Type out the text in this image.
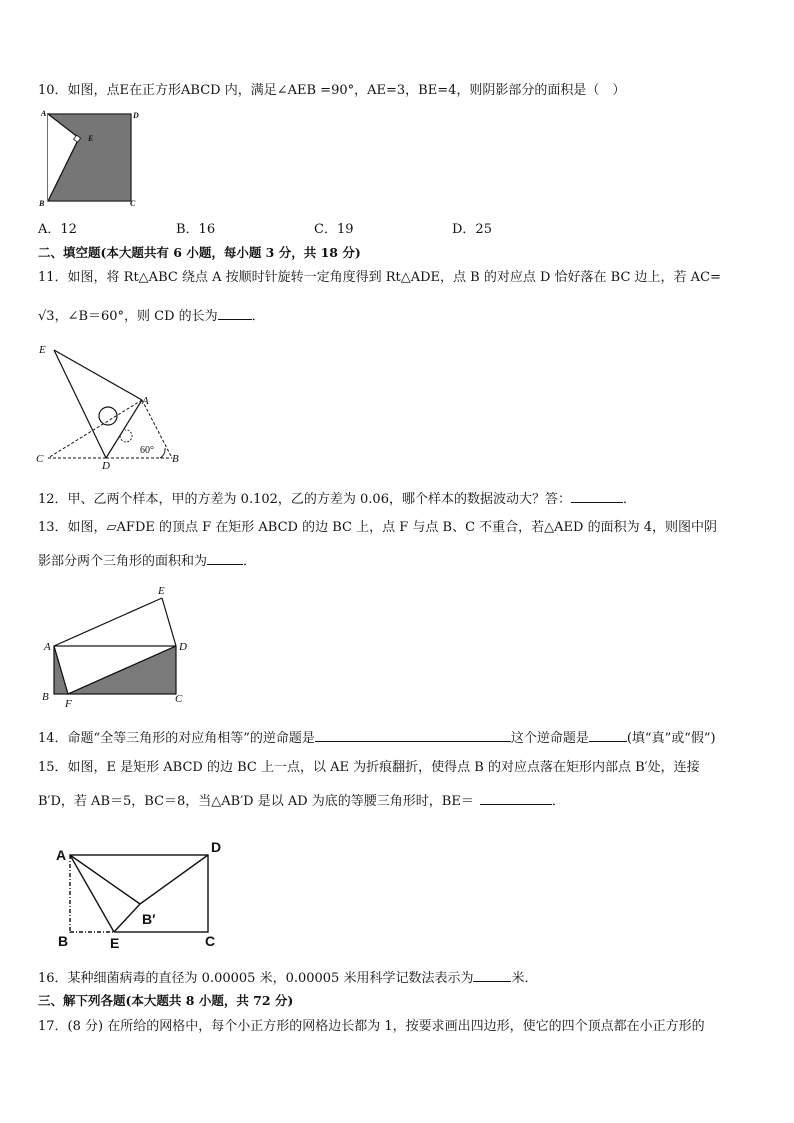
10．如图，点E在正方形ABCD 内，满足∠AEB =90°，AE=3，BE=4，则阴影部分的面积是（　）
A	D
E
B	C
A．12	B．16	C．19	D．25
二、填空题(本大题共有 6 小题，每小题 3 分，共 18 分)
11．如图，将 Rt△ABC 绕点 A 按顺时针旋转一定角度得到 Rt△ADE，点 B 的对应点 D 恰好落在 BC 边上，若 AC=
√3，∠B＝60°，则 CD 的长为	．
E
A
C
D
B
60°
12．甲、乙两个样本，甲的方差为 0.102，乙的方差为 0.06，哪个样本的数据波动大？答：	．
13．如图，▱AFDE 的顶点 F 在矩形 ABCD 的边 BC 上，点 F 与点 B、C 不重合，若△AED 的面积为 4，则图中阴
影部分两个三角形的面积和为	．
A
E
D
B
F	C
14．命题“全等三角形的对应角相等”的逆命题是	这个逆命题是	(填“真”或“假”)
15．如图，E 是矩形 ABCD 的边 BC 上一点，以 AE 为折痕翻折，使得点 B 的对应点落在矩形内部点 B′处，连接
B′D，若 AB＝5，BC＝8，当△AB′D 是以 AD 为底的等腰三角形时，BE＝	．
A	D
B′
B	E	C
16．某种细菌病毒的直径为 0.00005 米，0.00005 米用科学记数法表示为	米．
三、解下列各题(本大题共 8 小题，共 72 分)
17．(8 分) 在所给的网格中，每个小正方形的网格边长都为 1，按要求画出四边形，使它的四个顶点都在小正方形的
